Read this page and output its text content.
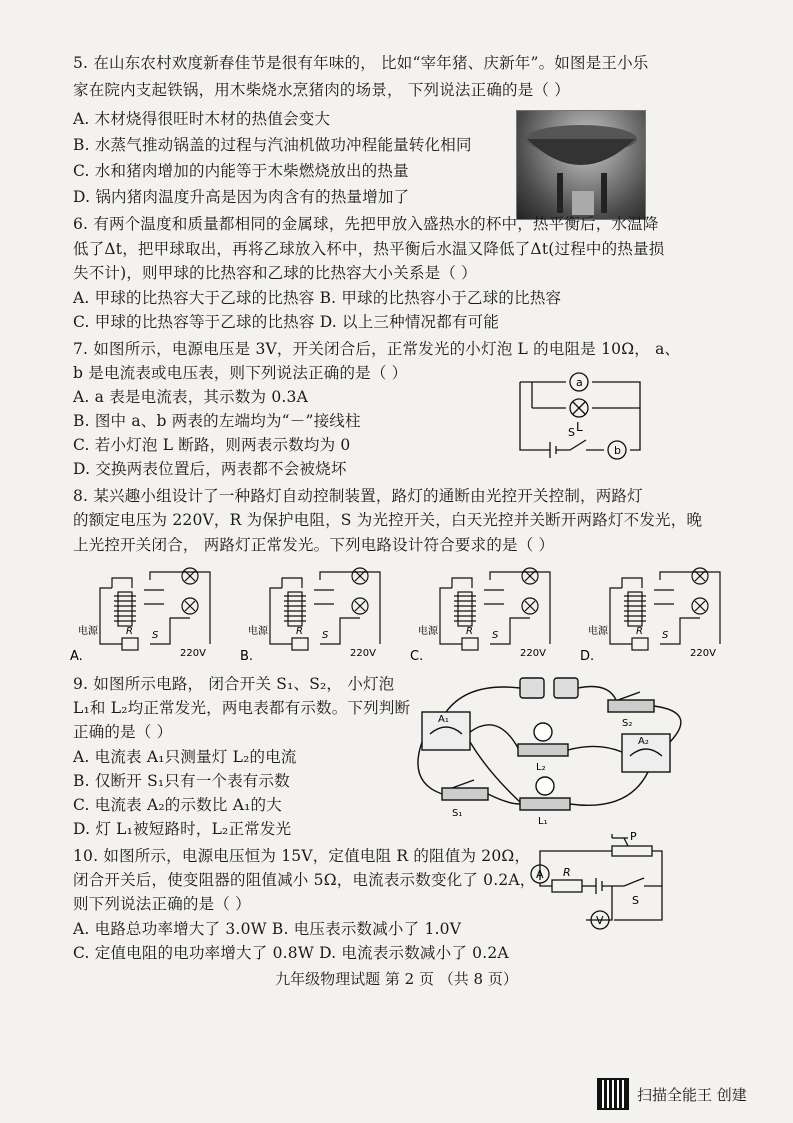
5. 在山东农村欢度新春佳节是很有年味的， 比如“宰年猪、庆新年”。如图是王小乐
家在院内支起铁锅，用木柴烧水烹猪肉的场景， 下列说法正确的是（ ）
A. 木材烧得很旺时木材的热值会变大
B. 水蒸气推动锅盖的过程与汽油机做功冲程能量转化相同
C. 水和猪肉增加的内能等于木柴燃烧放出的热量
D. 锅内猪肉温度升高是因为肉含有的热量增加了
6. 有两个温度和质量都相同的金属球，先把甲放入盛热水的杯中，热平衡后，水温降
低了Δt，把甲球取出，再将乙球放入杯中，热平衡后水温又降低了Δt(过程中的热量损
失不计)，则甲球的比热容和乙球的比热容大小关系是（ ）
A. 甲球的比热容大于乙球的比热容 B. 甲球的比热容小于乙球的比热容
C. 甲球的比热容等于乙球的比热容 D. 以上三种情况都有可能
7. 如图所示，电源电压是 3V，开关闭合后，正常发光的小灯泡 L 的电阻是 10Ω， a、
b 是电流表或电压表，则下列说法正确的是（ ）
A. a 表是电流表，其示数为 0.3A
B. 图中 a、b 两表的左端均为“－”接线柱
C. 若小灯泡 L 断路，则两表示数均为 0
D. 交换两表位置后，两表都不会被烧坏
a
L
S
b
8. 某兴趣小组设计了一种路灯自动控制装置，路灯的通断由光控开关控制，两路灯
的额定电压为 220V，R 为保护电阻，S 为光控开关，白天光控并关断开两路灯不发光，晚
上光控开关闭合， 两路灯正常发光。下列电路设计符合要求的是（ ）
电源	R S
220V
A.
电源	R S
220V
B.
电源	R S
220V
C.
电源	R S
220V
D.
9. 如图所示电路， 闭合开关 S₁、S₂， 小灯泡
L₁和 L₂均正常发光，两电表都有示数。下列判断
正确的是（ ）
A. 电流表 A₁只测量灯 L₂的电流
B. 仅断开 S₁只有一个表有示数
C. 电流表 A₂的示数比 A₁的大
D. 灯 L₁被短路时，L₂正常发光
A₁
A₂
L₂
L₁
S₁
S₂
10. 如图所示，电源电压恒为 15V，定值电阻 R 的阻值为 20Ω，
闭合开关后，使变阻器的阻值减小 5Ω，电流表示数变化了 0.2A，
则下列说法正确的是（ ）
A. 电路总功率增大了 3.0W B. 电压表示数减小了 1.0V
C. 定值电阻的电功率增大了 0.8W D. 电流表示数减小了 0.2A
A
P
R
S
V
九年级物理试题 第 2 页 （共 8 页）
扫描全能王 创建
